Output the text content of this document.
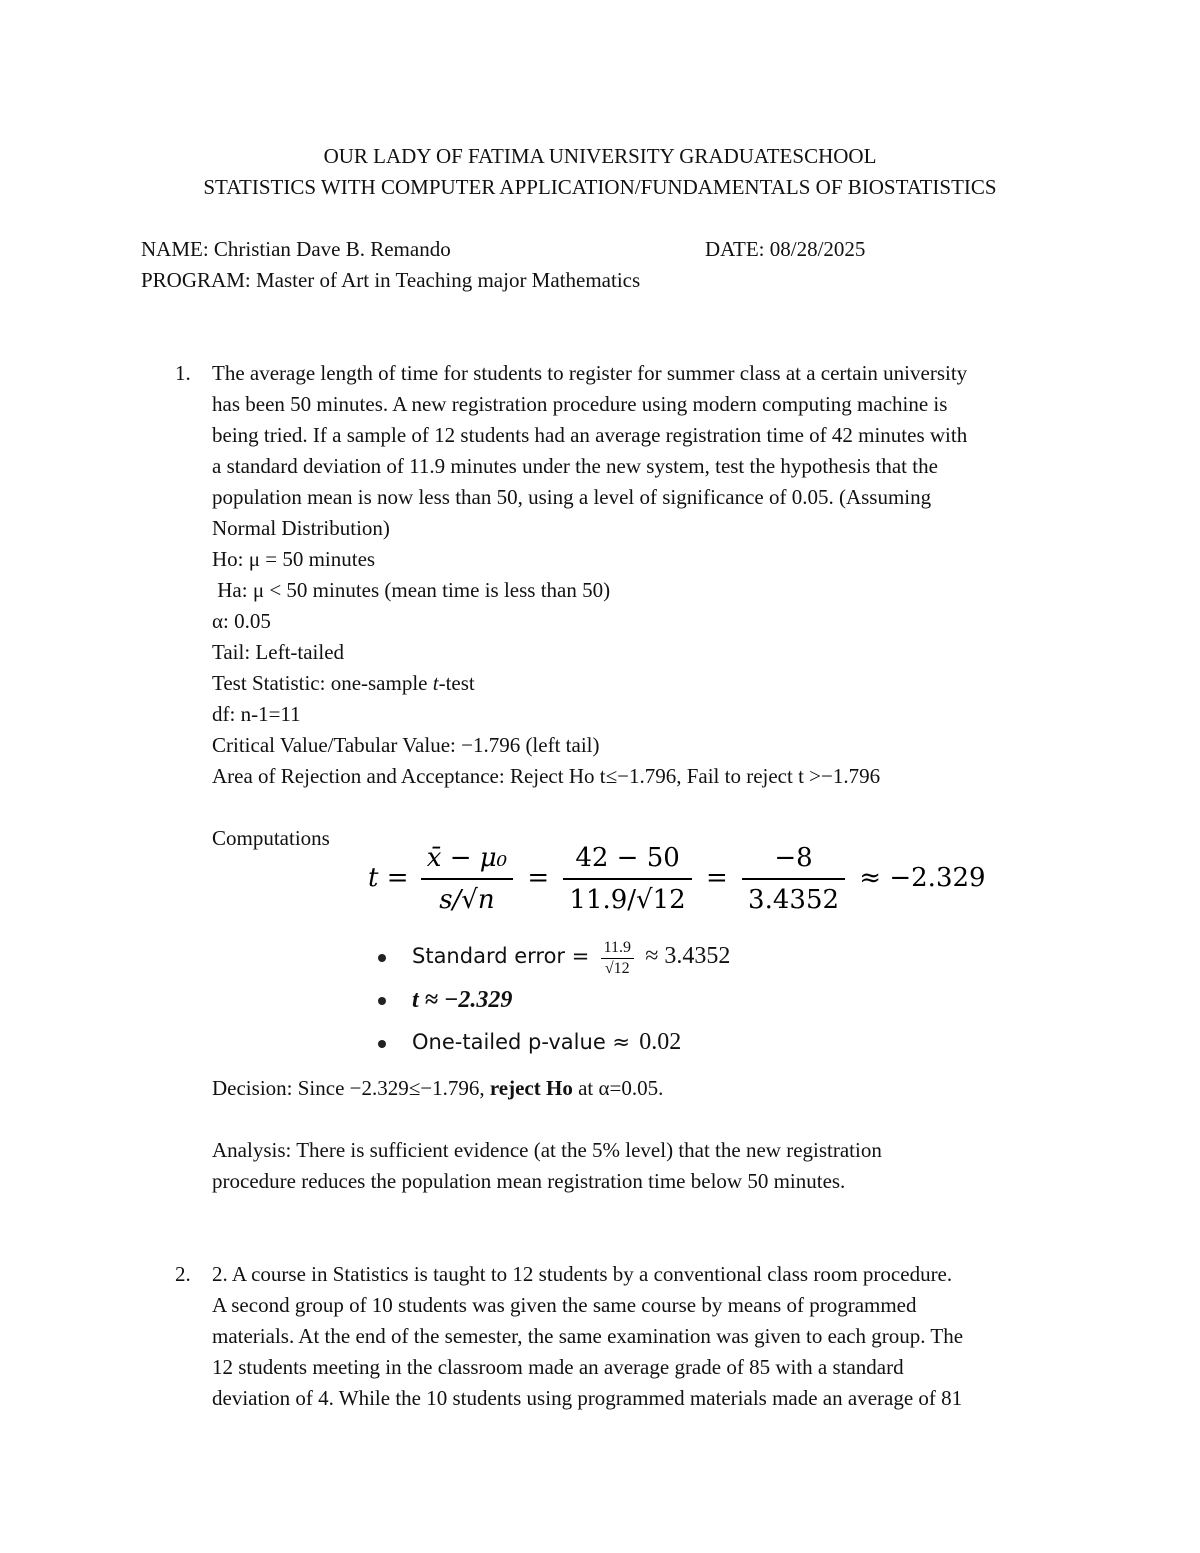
OUR LADY OF FATIMA UNIVERSITY GRADUATESCHOOL
STATISTICS WITH COMPUTER APPLICATION/FUNDAMENTALS OF BIOSTATISTICS
NAME: Christian Dave B. Remando	DATE: 08/28/2025
PROGRAM: Master of Art in Teaching major Mathematics
1. The average length of time for students to register for summer class at a certain university
has been 50 minutes. A new registration procedure using modern computing machine is
being tried. If a sample of 12 students had an average registration time of 42 minutes with
a standard deviation of 11.9 minutes under the new system, test the hypothesis that the
population mean is now less than 50, using a level of significance of 0.05. (Assuming
Normal Distribution)
Ho: μ = 50 minutes
Ha: μ < 50 minutes (mean time is less than 50)
α: 0.05
Tail: Left-tailed
Test Statistic: one-sample t-test
df: n-1=11
Critical Value/Tabular Value: −1.796 (left tail)
Area of Rejection and Acceptance: Reject Ho t≤−1.796, Fail to reject t >−1.796
Computations
$t = \frac{\text{x̄ − μ₀}}{s/√n} = \frac{42 - 50}{11.9/√12} = \frac{-8}{3.4352} \approx -2.329$
Standard error = $\frac{11.9}{√12} \approx 3.4352$
t ≈ −2.329
One-tailed p-value ≈ 0.02
Decision: Since −2.329≤−1.796, reject Ho at α=0.05.
Analysis: There is sufficient evidence (at the 5% level) that the new registration
procedure reduces the population mean registration time below 50 minutes.
2. 2. A course in Statistics is taught to 12 students by a conventional class room procedure.
A second group of 10 students was given the same course by means of programmed
materials. At the end of the semester, the same examination was given to each group. The
12 students meeting in the classroom made an average grade of 85 with a standard
deviation of 4. While the 10 students using programmed materials made an average of 81
